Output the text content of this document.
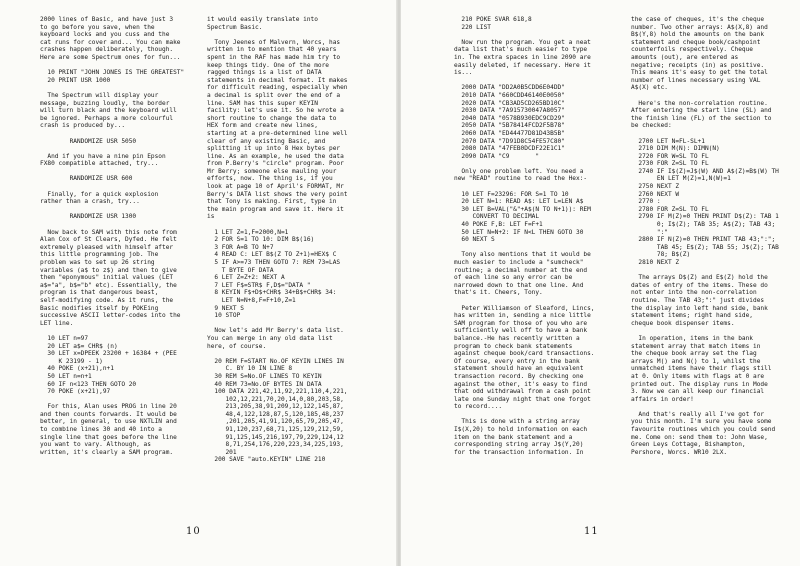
2000 lines of Basic, and have just 3

to go before you save, when the

keyboard locks and you cuss and the

cat runs for cover and... You can make

crashes happen deliberately, though.

Here are some Spectrum ones for fun...

10 PRINT "JOHN JONES IS THE GREATEST"

20 PRINT USR 1000

The Spectrum will display your

message, buzzing loudly, the border

will turn black and the keyboard will

be ignored. Perhaps a more colourful

crash is produced by...

RANDOMIZE USR 5050

And if you have a nine pin Epson

FX80 compatible attached, try...

RANDOMIZE USR 600

Finally, for a quick explosion

rather than a crash, try...

RANDOMIZE USR 1300

Now back to SAM with this note from

Alan Cox of St Clears, Dyfed. He felt

extremely pleased with himself after

this little programming job. The

problem was to set up 26 string

variables (a$ to z$) and then to give

them "eponymous" initial values (LET

a$="a", b$="b" etc). Essentially, the

program is that dangerous beast,

self-modifying code. As it runs, the

Basic modifies itself by POKEing

successive ASCII letter-codes into the

LET line.

10 LET n=97

20 LET a$= CHR$ (n)

30 LET x=DPEEK 23200 + 16384 + (PEE

K 23199 - 1)

40 POKE (x+21),n+1

50 LET n=n+1

60 IF n<123 THEN GOTO 20

70 POKE (x+21),97

For this, Alan uses PROG in line 20

and then counts forwards. It would be

better, in general, to use NXTLIN and

to combine lines 30 and 40 into a

single line that goes before the line

you want to vary. Although, as

written, it's clearly a SAM program.

it would easily translate into

Spectrum Basic.

Tony Jeenes of Malvern, Worcs, has

written in to mention that 40 years

spent in the RAF has made him try to

keep things tidy. One of the more

ragged things is a list of DATA

statements in decimal format. It makes

for difficult reading, especially when

a decimal is split over the end of a

line. SAM has this super KEYIN

facility: let's use it. So he wrote a

short routine to change the data to

HEX form and create new lines,

starting at a pre-determined line well

clear of any existing Basic, and

splitting it up into 8 Hex bytes per

line. As an example, he used the data

from P.Berry's "circle" program. Poor

Mr Berry; someone else mauling your

efforts, now. The thing is, if you

look at page 10 of April's FORMAT, Mr

Berry's DATA list shows the very point

that Tony is making. First, type in

the main program and save it. Here it

is

1 LET Z=1,F=2000,N=1

2 FOR S=1 TO 10: DIM B$(16)

3 FOR A=B TO N+7

4 READ C: LET B$(Z TO Z+1)=HEX$ C

5 IF A>=73 THEN GOTO 7: REM 73=LAS

T BYTE OF DATA

6 LET Z=Z+2: NEXT A

7 LET F$=STR$ F,D$="DATA "

8 KEYIN F$+D$+CHR$ 34+B$+CHR$ 34:

LET N=N+8,F=F+10,Z=1

9 NEXT S

10 STOP

Now let's add Mr Berry's data list.

You can merge in any old data list

here, of course.

20 REM F=START No.OF KEYIN LINES IN

C. BY 10 IN LINE 8

30 REM S=No.OF LINES TO KEYIN

40 REM 73=No.OF BYTES IN DATA

100 DATA 221,42,11,92,221,110,4,221,

102,12,221,70,20,14,0,80,203,58,

213,205,38,91,209,12,122,145,87,

48,4,122,128,87,5,120,185,48,237

,201,205,41,91,120,65,79,205,47,

91,120,237,68,71,125,129,212,59,

91,125,145,216,197,79,229,124,12

8,71,254,176,220,223,34,225,193,

201

200 SAVE "auto.KEYIN" LINE 210

10

210 POKE SVAR 618,8

220 LIST

Now run the program. You get a neat

data list that's much easier to type

in. The extra spaces in line 2090 are

easily deleted, if necessary. Here it

is...

2000 DATA "DD2A0B5CDD6E04DD"

2010 DATA "660CDD46140E0050"

2020 DATA "CB3AD5CD265BD10C"

2030 DATA "7A915730047A8057"

2040 DATA "0578B930EDC9CD29"

2050 DATA "5B78414FCD2F5B78"

2060 DATA "ED44477D81D43B5B"

2070 DATA "7D91D8C54FE57C80"

2080 DATA "47FEB0DCDF22E1C1"

2090 DATA "C9       "

Only one problem left. You need a

new "READ" routine to read the Hex:-

10 LET F=23296: FOR S=1 TO 10

20 LET N=1: READ A$: LET L=LEN A$

30 LET B=VAL("&"+A$(N TO N+1)): REM

CONVERT TO DECIMAL

40 POKE F,B: LET F=F+1

50 LET N=N+2: IF N<L THEN GOTO 30

60 NEXT S

Tony also mentions that it would be

much easier to include a "sumcheck"

routine; a decimal number at the end

of each line so any error can be

narrowed down to that one line. And

that's it. Cheers, Tony.

Peter Williamson of Sleaford, Lincs,

has written in, sending a nice little

SAM program for those of you who are

sufficiently well off to have a bank

balance.-He has recently written a

program to check bank statements

against cheque book/card transactions.

Of course, every entry in the bank

statement should have an equivalent

transaction record. By checking one

against the other, it's easy to find

that odd withdrawal from a cash point

late one Sunday night that one forgot

to record....

This is done with a string array

I$(X,20) to hold information on each

item on the bank statement and a

corresponding string array J$(Y,20)

for the transaction information. In

the case of cheques, it's the cheque

number. Two other arrays: A$(X,8) and

B$(Y,8) hold the amounts on the bank

statement and cheque book/cashpoint

counterfoils respectively. Cheque

amounts (out), are entered as

negative; receipts (in) as positive.

This means it's easy to get the total

number of lines necessary using VAL

A$(X) etc.

Here's the non-correlation routine.

After entering the start line (SL) and

the finish line (FL) of the section to

be checked:

2700 LET N=FL-SL+1

2710 DIM M(N): DIMN(N)

2720 FOR W=SL TO FL

2730 FOR Z=SL TO FL

2740 IF I$(Z)=J$(W) AND A$(Z)=B$(W) TH

EN LET M(Z)=1,N(W)=1

2750 NEXT Z

2760 NEXT W

2770 :

2780 FOR Z=SL TO FL

2790 IF M(Z)=0 THEN PRINT D$(Z): TAB 1

0; I$(Z); TAB 35; A$(Z); TAB 43;

":"

2800 IF N(Z)=0 THEN PRINT TAB 43;":";

TAB 45; E$(Z); TAB 55; J$(Z); TAB

78; B$(Z)

2810 NEXT Z

The arrays D$(Z) and E$(Z) hold the

dates of entry of the items. These do

not enter into the non-correlation

routine. The TAB 43;":" just divides

the display into left hand side, bank

statement items; right hand side,

cheque book dispenser items.

In operation, items in the bank

statement array that match items in

the cheque book array set the flag

arrays M() and N() to 1, whilst the

unmatched items have their flags still

at 0. Only items with flags at 0 are

printed out. The display runs in Mode

3. Now we can all keep our financial

affairs in order!

And that's really all I've got for

you this month. I'm sure you have some

favourite routines which you could send

me. Come on: send them to: John Wase,

Green Leys Cottage, Bishampton,

Pershore, Worcs. WR10 2LX.

11
